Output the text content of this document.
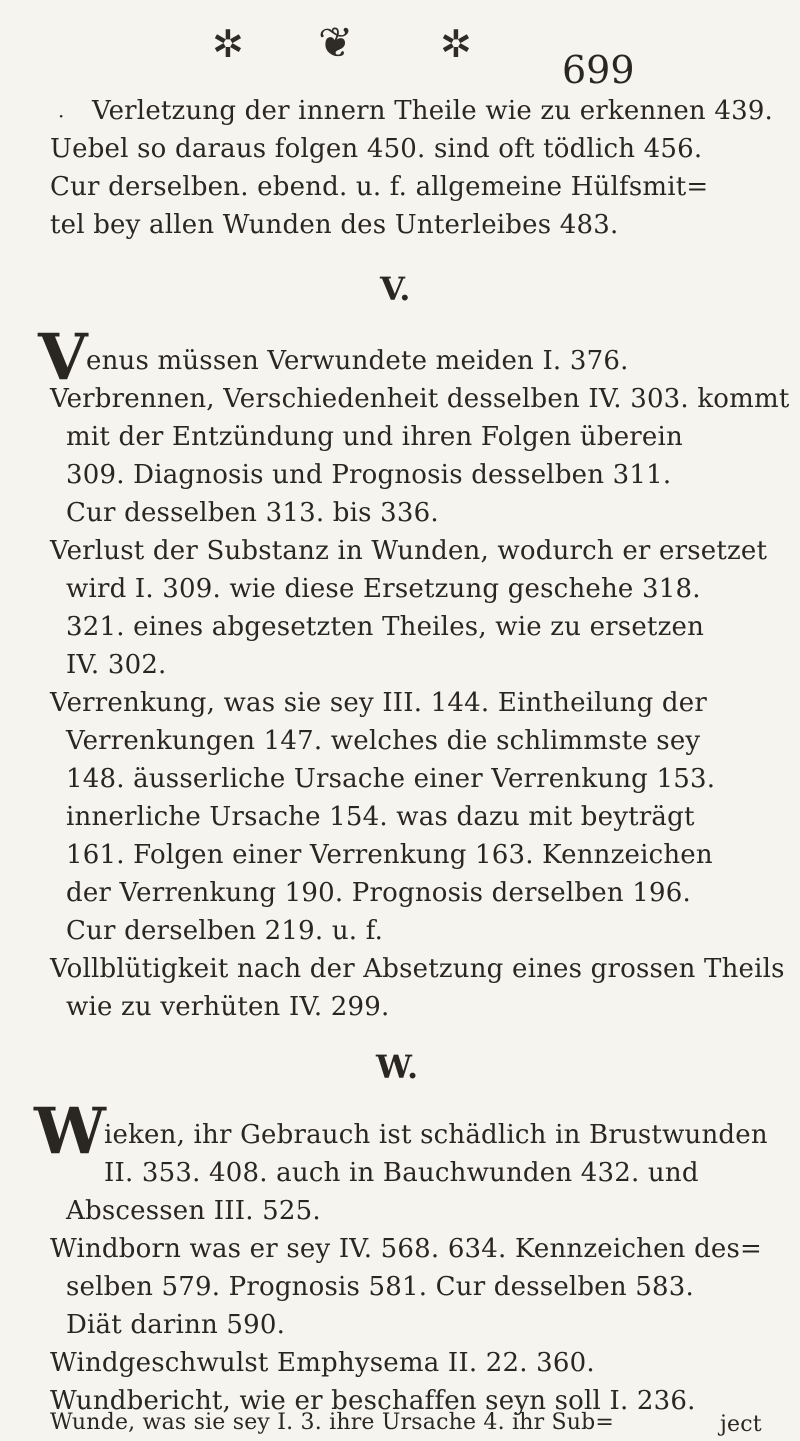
✲ ❦ ✲
699
· Verletzung der innern Theile wie zu erkennen 439.
Uebel so daraus folgen 450. sind oft tödlich 456.
Cur derselben. ebend. u. f. allgemeine Hülfsmit=
tel bey allen Wunden des Unterleibes 483.
V.
V
enus müssen Verwundete meiden I. 376.
Verbrennen, Verschiedenheit desselben IV. 303. kommt
mit der Entzündung und ihren Folgen überein
309. Diagnosis und Prognosis desselben 311.
Cur desselben 313. bis 336.
Verlust der Substanz in Wunden, wodurch er ersetzet
wird I. 309. wie diese Ersetzung geschehe 318.
321. eines abgesetzten Theiles, wie zu ersetzen
IV. 302.
Verrenkung, was sie sey III. 144. Eintheilung der
Verrenkungen 147. welches die schlimmste sey
148. äusserliche Ursache einer Verrenkung 153.
innerliche Ursache 154. was dazu mit beyträgt
161. Folgen einer Verrenkung 163. Kennzeichen
der Verrenkung 190. Prognosis derselben 196.
Cur derselben 219. u. f.
Vollblütigkeit nach der Absetzung eines grossen Theils
wie zu verhüten IV. 299.
W.
W
ieken, ihr Gebrauch ist schädlich in Brustwunden
II. 353. 408. auch in Bauchwunden 432. und
Abscessen III. 525.
Windborn was er sey IV. 568. 634. Kennzeichen des=
selben 579. Prognosis 581. Cur desselben 583.
Diät darinn 590.
Windgeschwulst Emphysema II. 22. 360.
Wundbericht, wie er beschaffen seyn soll I. 236.
Wunde, was sie sey I. 3. ihre Ursache 4. ihr Sub=	ject
